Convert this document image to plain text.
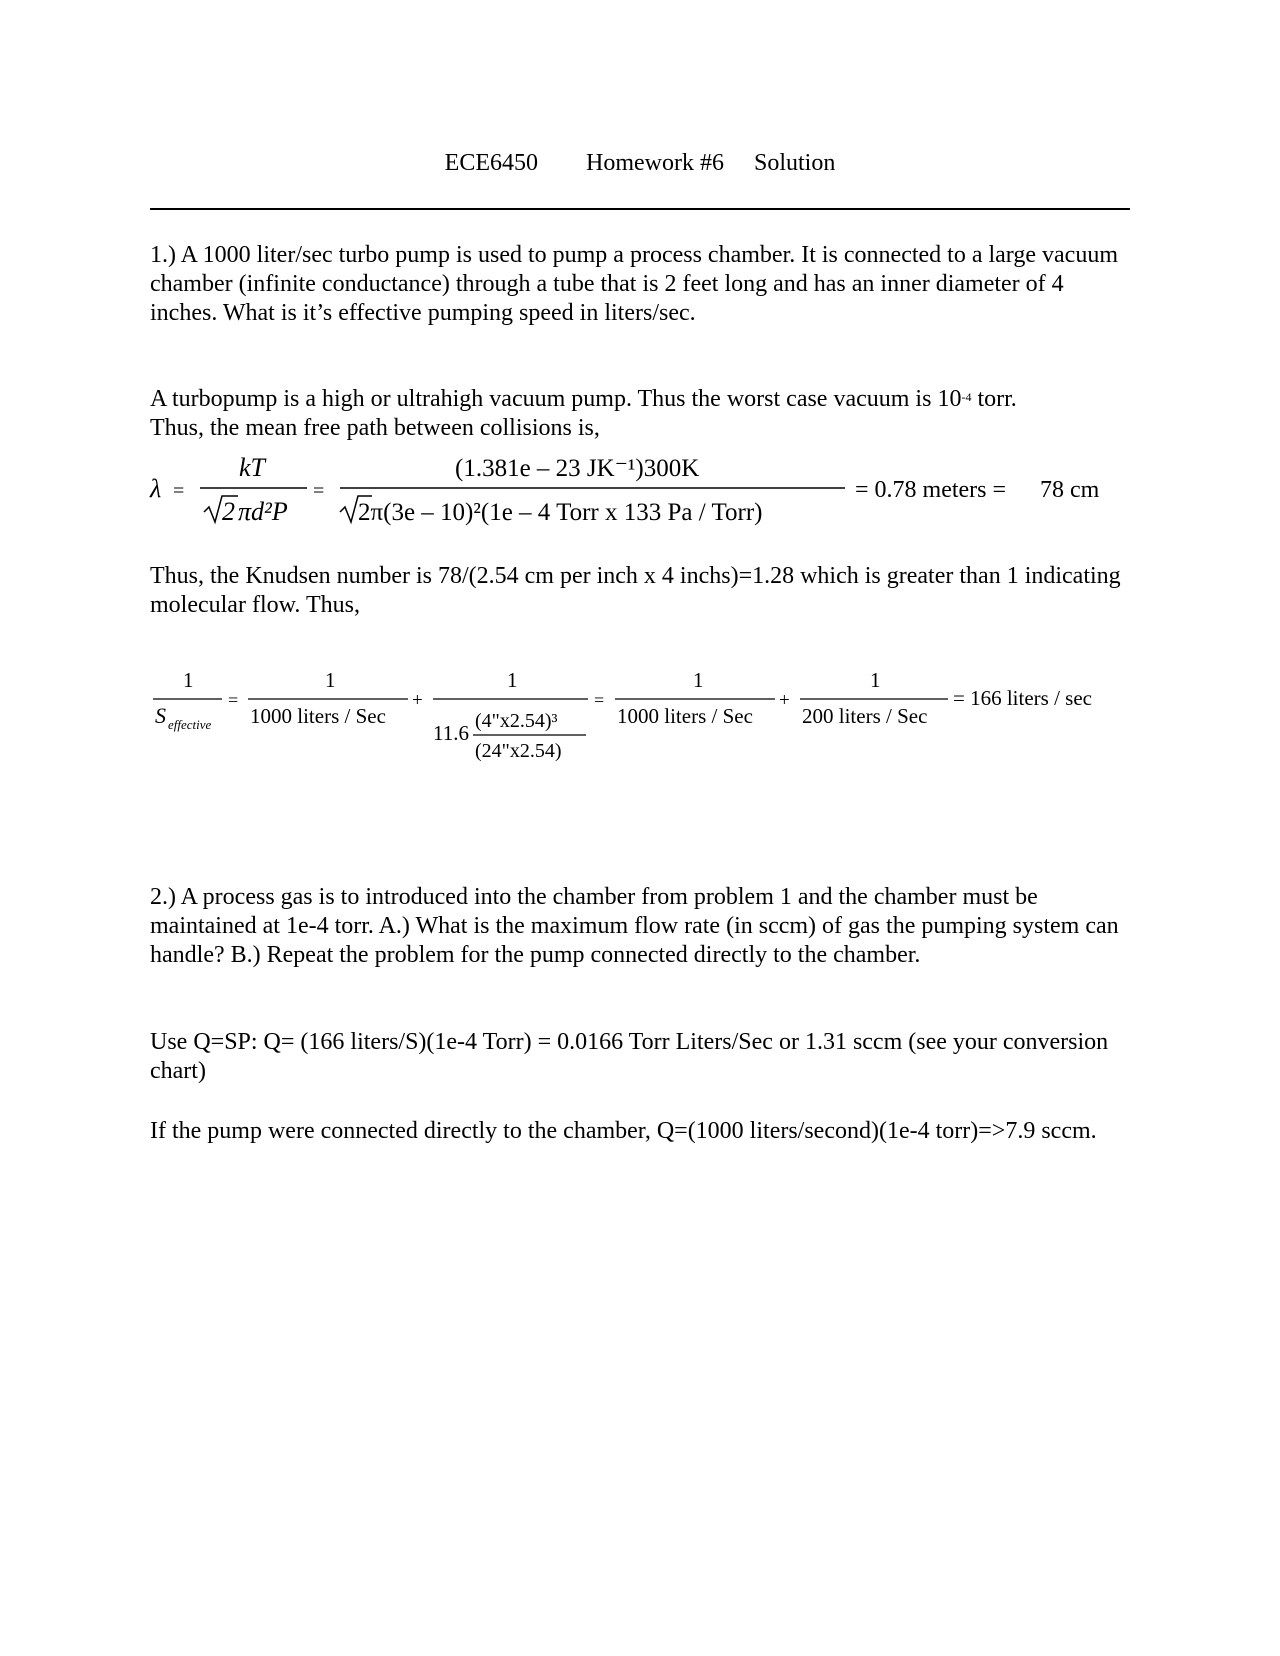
ECE6450 Homework #6 Solution
1.) A 1000 liter/sec turbo pump is used to pump a process chamber. It is connected to a large vacuum chamber (infinite conductance) through a tube that is 2 feet long and has an inner diameter of 4 inches. What is it’s effective pumping speed in liters/sec.
A turbopump is a high or ultrahigh vacuum pump. Thus the worst case vacuum is $10^{-4}$ torr.
Thus, the mean free path between collisions is,
Thus, the Knudsen number is 78/(2.54 cm per inch x 4 inchs)=1.28 which is greater than 1 indicating molecular flow. Thus,
2.) A process gas is to introduced into the chamber from problem 1 and the chamber must be maintained at 1e-4 torr. A.) What is the maximum flow rate (in sccm) of gas the pumping system can handle? B.) Repeat the problem for the pump connected directly to the chamber.
Use Q=SP: Q= (166 liters/S)(1e-4 Torr) = 0.0166 Torr Liters/Sec or 1.31 sccm (see your conversion chart)
If the pump were connected directly to the chamber, Q=(1000 liters/second)(1e-4 torr)=>7.9 sccm.
λ =
kT
2 πd²P
=
(1.381e – 23 JK⁻¹)300K
2π(3e – 10)²(1e – 4 Torr x 133 Pa / Torr)
= 0.78 meters = 78 cm
1
S effective
=
1
1000 liters / Sec
+
1
11.6 (4"x2.54)³
(24"x2.54)
=
1
1000 liters / Sec
+
1
200 liters / Sec
= 166 liters / sec
